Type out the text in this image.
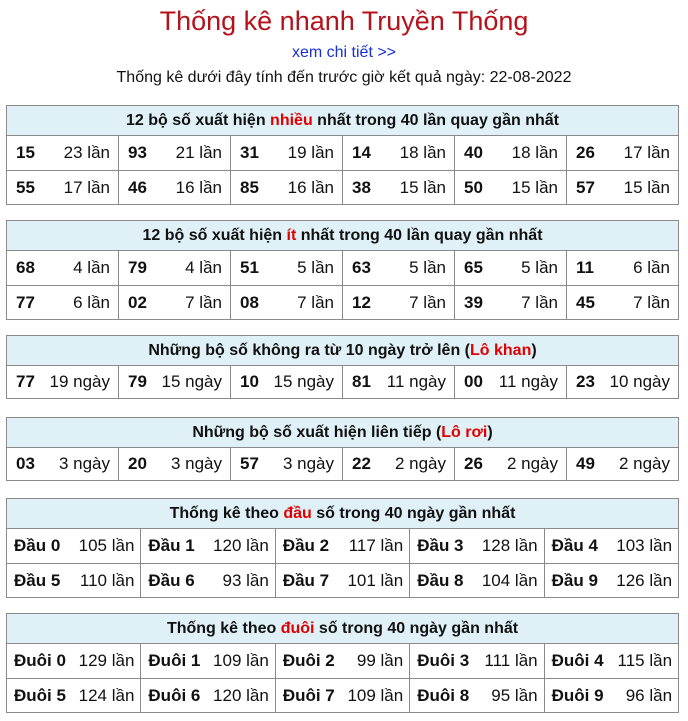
Thống kê nhanh Truyền Thống
xem chi tiết >>
Thống kê dưới đây tính đến trước giờ kết quả ngày: 22-08-2022
12 bộ số xuất hiện nhiều nhất trong 40 lần quay gần nhất
15 23 lần 93 21 lần 31 19 lần 14 18 lần 40 18 lần 26 17 lần
55 17 lần 46 16 lần 85 16 lần 38 15 lần 50 15 lần 57 15 lần
12 bộ số xuất hiện ít nhất trong 40 lần quay gần nhất
68 4 lần 79 4 lần 51 5 lần 63 5 lần 65 5 lần 11 6 lần
77 6 lần 02 7 lần 08 7 lần 12 7 lần 39 7 lần 45 7 lần
Những bộ số không ra từ 10 ngày trở lên (Lô khan)
77 19 ngày 79 15 ngày 10 15 ngày 81 11 ngày 00 11 ngày 23 10 ngày
Những bộ số xuất hiện liên tiếp (Lô rơi)
03 3 ngày 20 3 ngày 57 3 ngày 22 2 ngày 26 2 ngày 49 2 ngày
Thống kê theo đầu số trong 40 ngày gần nhất
Đầu 0 105 lần Đầu 1 120 lần Đầu 2 117 lần Đầu 3 128 lần Đầu 4 103 lần
Đầu 5 110 lần Đầu 6 93 lần Đầu 7 101 lần Đầu 8 104 lần Đầu 9 126 lần
Thống kê theo đuôi số trong 40 ngày gần nhất
Đuôi 0 129 lần Đuôi 1 109 lần Đuôi 2 99 lần Đuôi 3 111 lần Đuôi 4 115 lần
Đuôi 5 124 lần Đuôi 6 120 lần Đuôi 7 109 lần Đuôi 8 95 lần Đuôi 9 96 lần
